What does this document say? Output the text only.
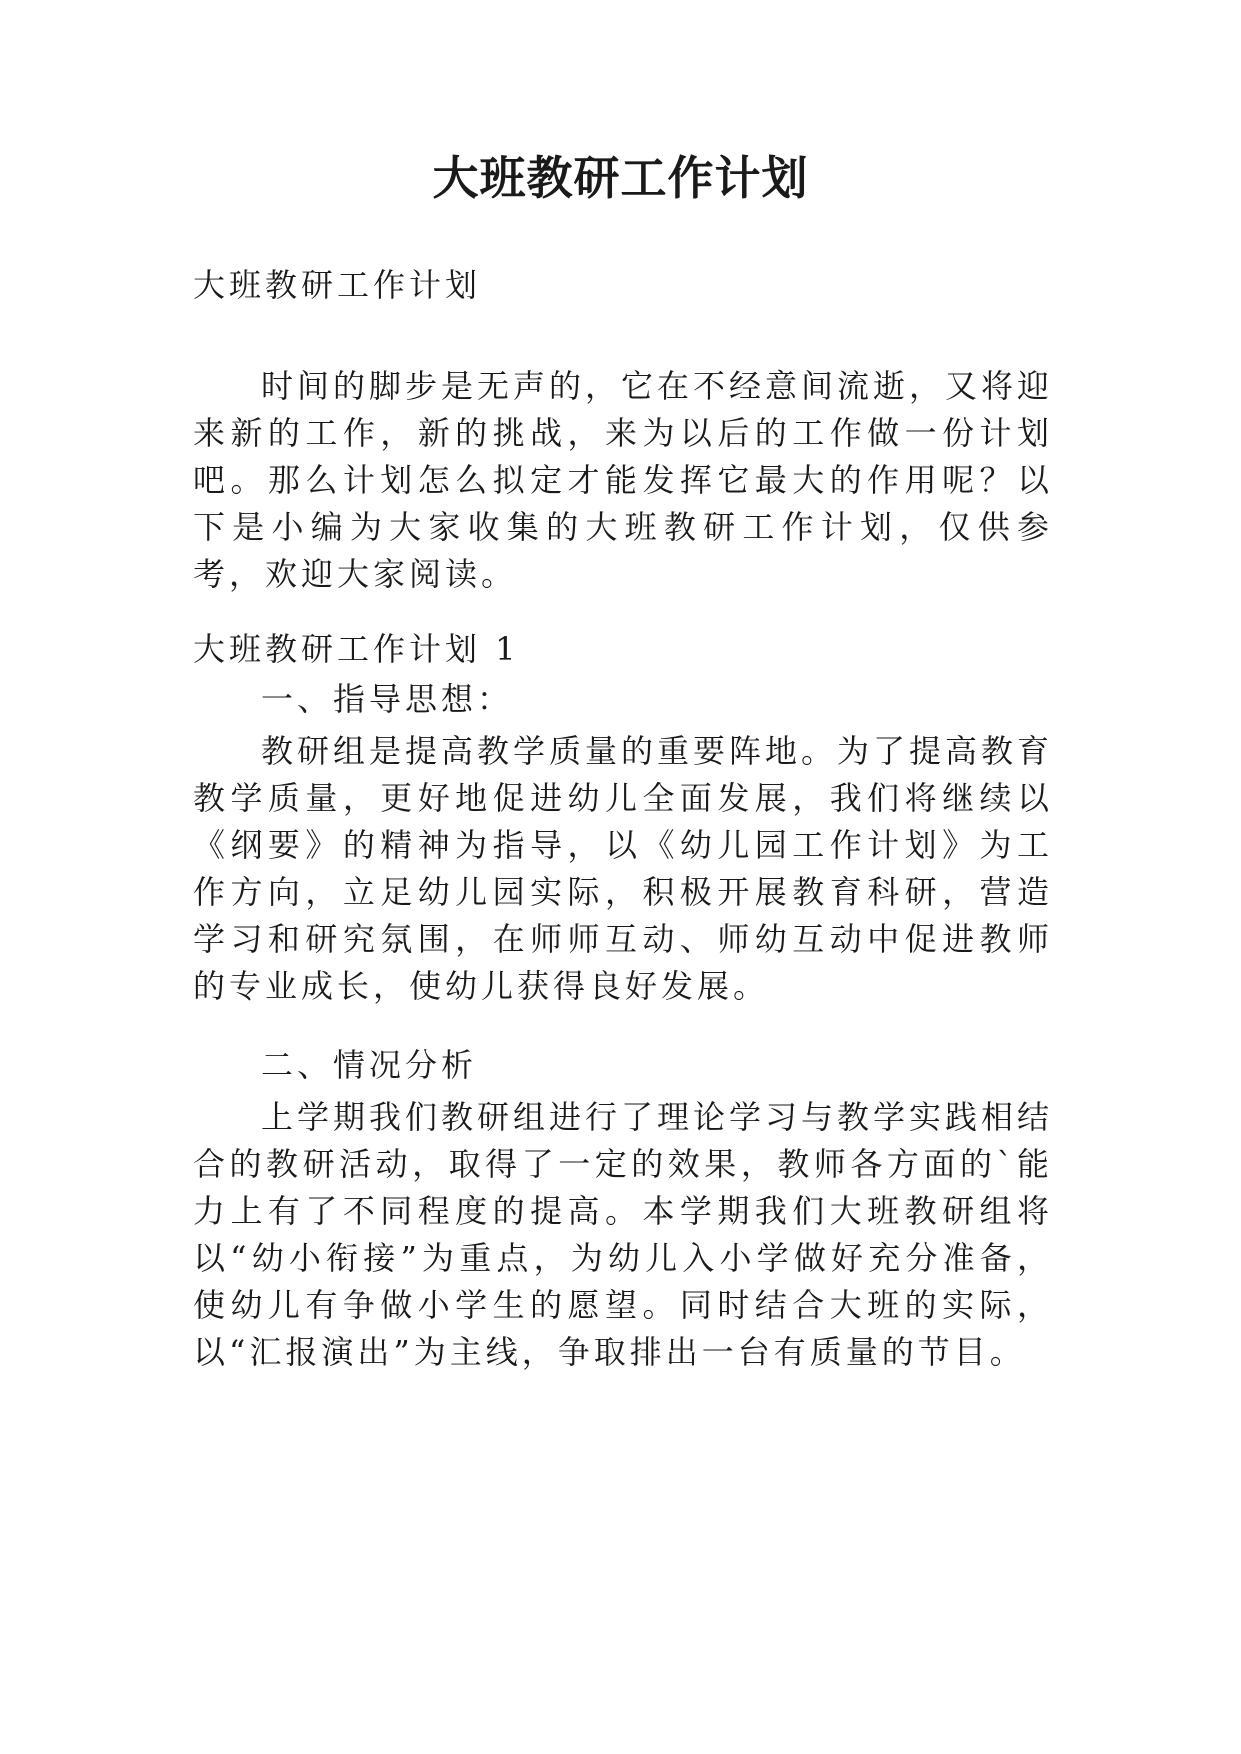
大班教研工作计划

大班教研工作计划

时间的脚步是无声的，它在不经意间流逝，又将迎来新的工作，新的挑战，来为以后的工作做一份计划吧。那么计划怎么拟定才能发挥它最大的作用呢？以下是小编为大家收集的大班教研工作计划，仅供参考，欢迎大家阅读。

大班教研工作计划 1

一、指导思想：

教研组是提高教学质量的重要阵地。为了提高教育教学质量，更好地促进幼儿全面发展，我们将继续以《纲要》的精神为指导，以《幼儿园工作计划》为工作方向，立足幼儿园实际，积极开展教育科研，营造学习和研究氛围，在师师互动、师幼互动中促进教师的专业成长，使幼儿获得良好发展。

二、情况分析

上学期我们教研组进行了理论学习与教学实践相结合的教研活动，取得了一定的效果，教师各方面的`能力上有了不同程度的提高。本学期我们大班教研组将以“幼小衔接”为重点，为幼儿入小学做好充分准备，使幼儿有争做小学生的愿望。同时结合大班的实际，以“汇报演出”为主线，争取排出一台有质量的节目。
